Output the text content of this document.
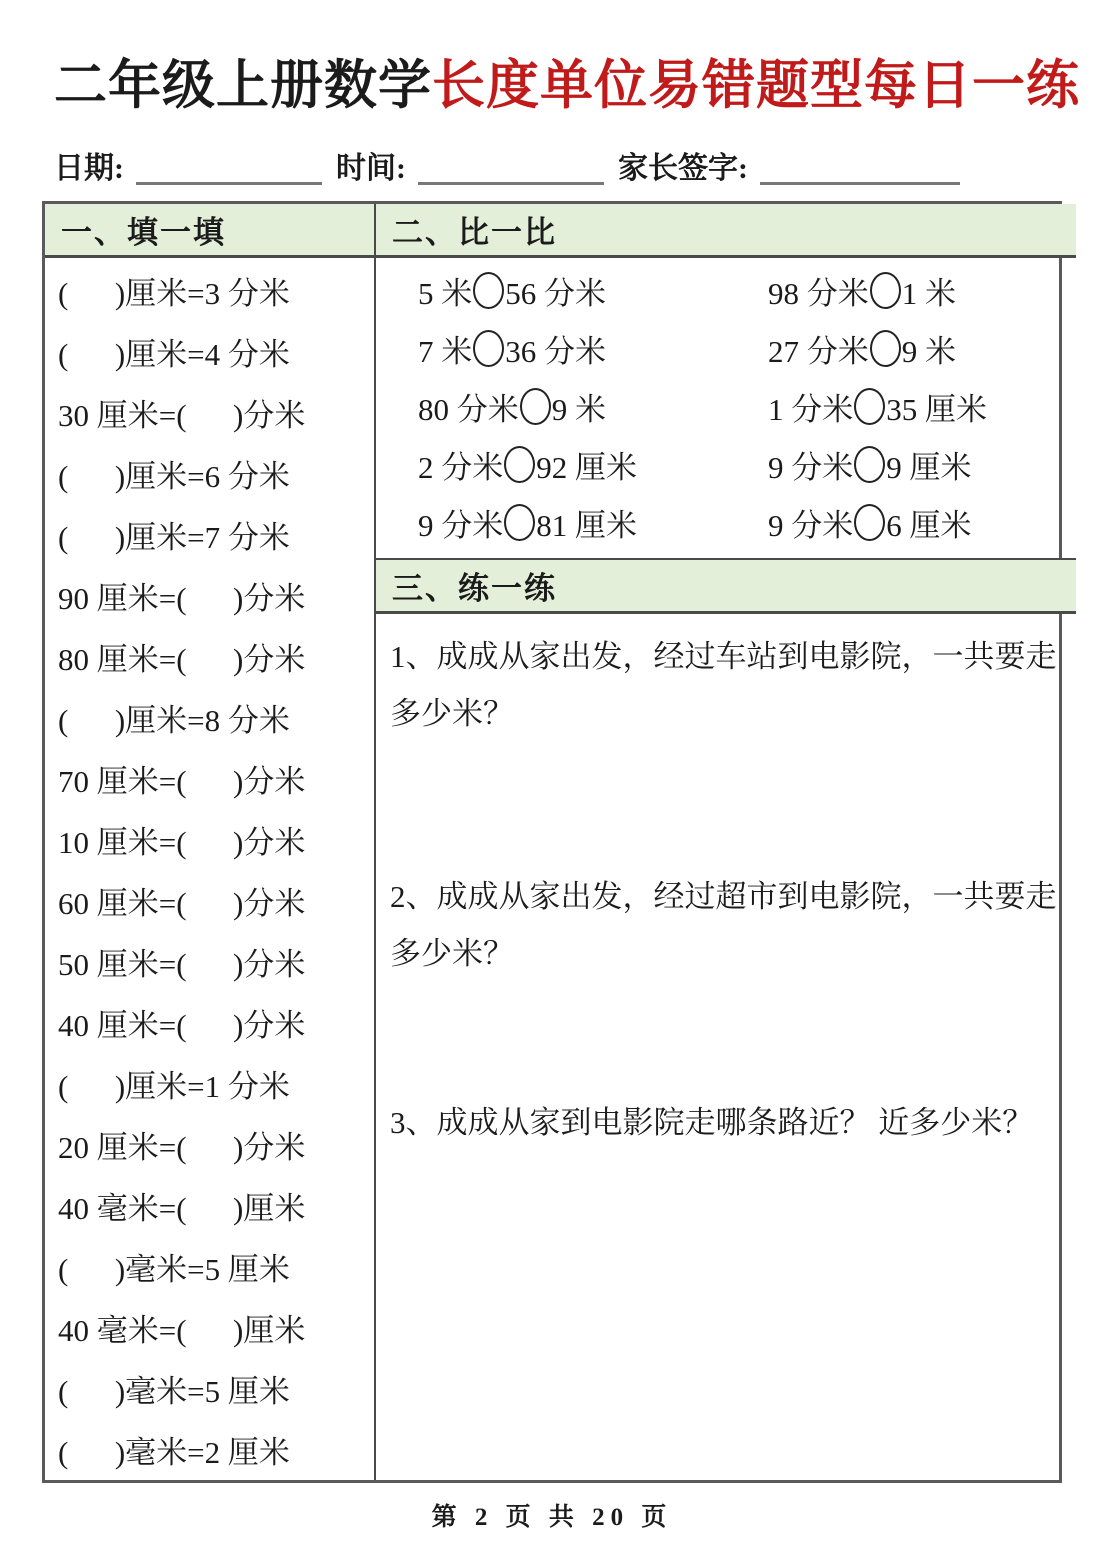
二年级上册数学长度单位易错题型每日一练
日期:	时间:	家长签字:
一、填一填
(      )厘米=3 分米
(      )厘米=4 分米
30 厘米=(      )分米
(      )厘米=6 分米
(      )厘米=7 分米
90 厘米=(      )分米
80 厘米=(      )分米
(      )厘米=8 分米
70 厘米=(      )分米
10 厘米=(      )分米
60 厘米=(      )分米
50 厘米=(      )分米
40 厘米=(      )分米
(      )厘米=1 分米
20 厘米=(      )分米
40 毫米=(      )厘米
(      )毫米=5 厘米
40 毫米=(      )厘米
(      )毫米=5 厘米
(      )毫米=2 厘米
二、比一比
5 米 56 分米	98 分米 1 米
7 米 36 分米	27 分米 9 米
80 分米 9 米	1 分米 35 厘米
2 分米 92 厘米	9 分米 9 厘米
9 分米 81 厘米	9 分米 6 厘米
三、练一练
1、成成从家出发，经过车站到电影院，一共要走多少米？
2、成成从家出发，经过超市到电影院，一共要走多少米？
3、成成从家到电影院走哪条路近？ 近多少米？
第 2 页 共 20 页
